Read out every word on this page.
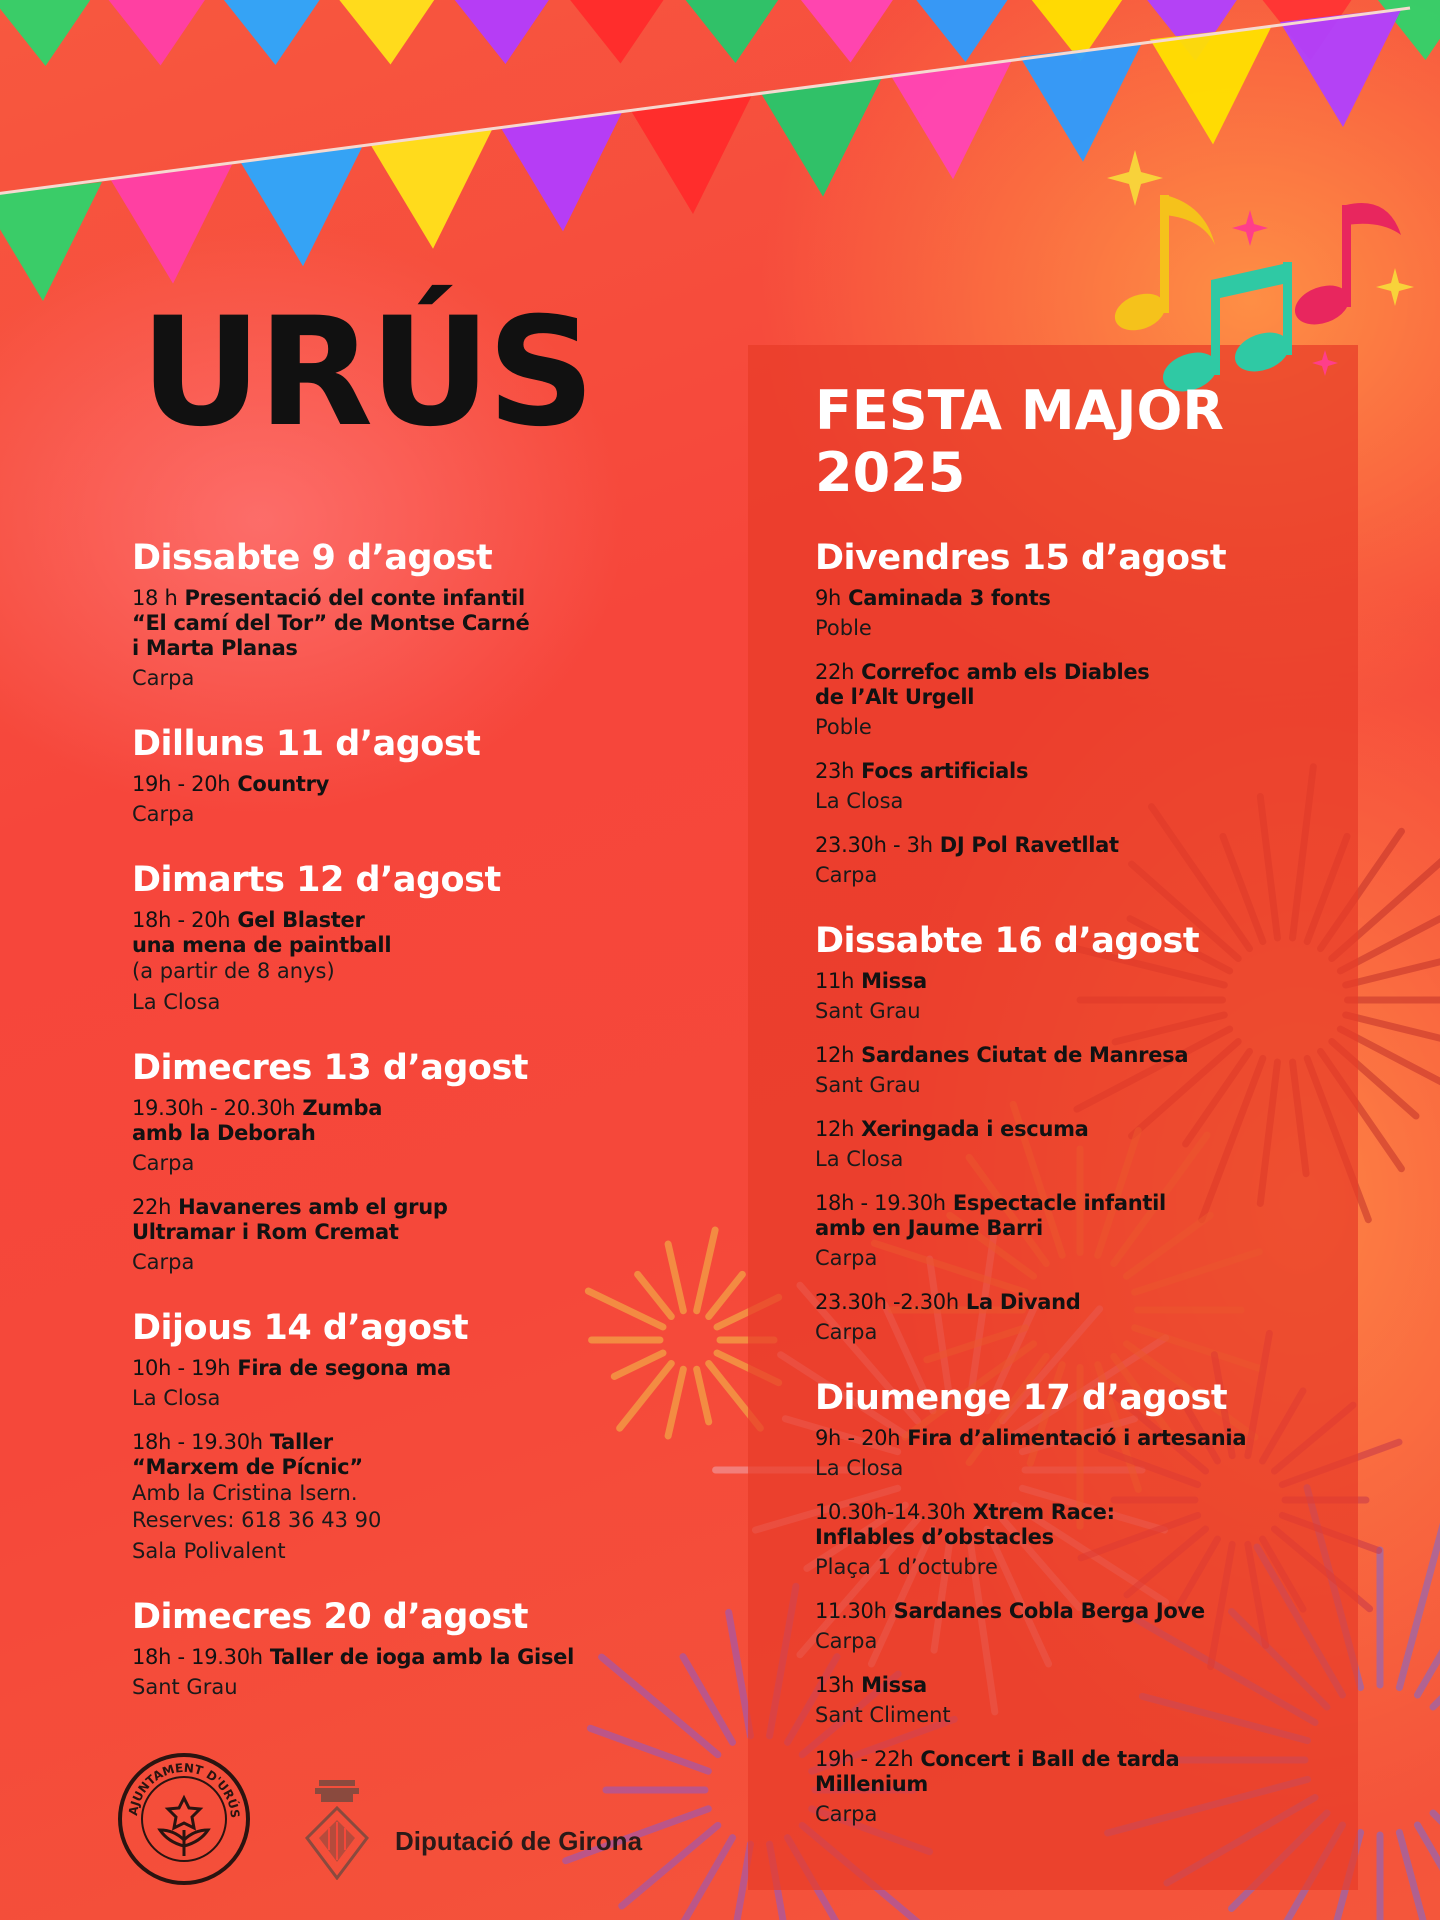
URÚS	FESTA MAJOR
2025
Dissabte 9 d’agost
18 h Presentació del conte infantil
“El camí del Tor” de Montse Carné
i Marta Planas
Carpa
Dilluns 11 d’agost
19h - 20h Country
Carpa
Dimarts 12 d’agost
18h - 20h Gel Blaster
una mena de paintball
(a partir de 8 anys)
La Closa
Dimecres 13 d’agost
19.30h - 20.30h Zumba
amb la Deborah
Carpa
22h Havaneres amb el grup
Ultramar i Rom Cremat
Carpa
Dijous 14 d’agost
10h - 19h Fira de segona ma
La Closa
18h - 19.30h Taller
“Marxem de Pícnic”
Amb la Cristina Isern.
Reserves: 618 36 43 90
Sala Polivalent
Dimecres 20 d’agost
18h - 19.30h Taller de ioga amb la Gisel
Sant Grau
Divendres 15 d’agost
9h Caminada 3 fonts
Poble
22h Correfoc amb els Diables
de l’Alt Urgell
Poble
23h Focs artificials
La Closa
23.30h - 3h DJ Pol Ravetllat
Carpa
Dissabte 16 d’agost
11h Missa
Sant Grau
12h Sardanes Ciutat de Manresa
Sant Grau
12h Xeringada i escuma
La Closa
18h - 19.30h Espectacle infantil
amb en Jaume Barri
Carpa
23.30h -2.30h La Divand
Carpa
Diumenge 17 d’agost
9h - 20h Fira d’alimentació i artesania
La Closa
10.30h-14.30h Xtrem Race:
Inflables d’obstacles
Plaça 1 d’octubre
11.30h Sardanes Cobla Berga Jove
Carpa
13h Missa
Sant Climent
19h - 22h Concert i Ball de tarda
Millenium
Carpa
AJUNTAMENT D'URÚS
Diputació de Girona
